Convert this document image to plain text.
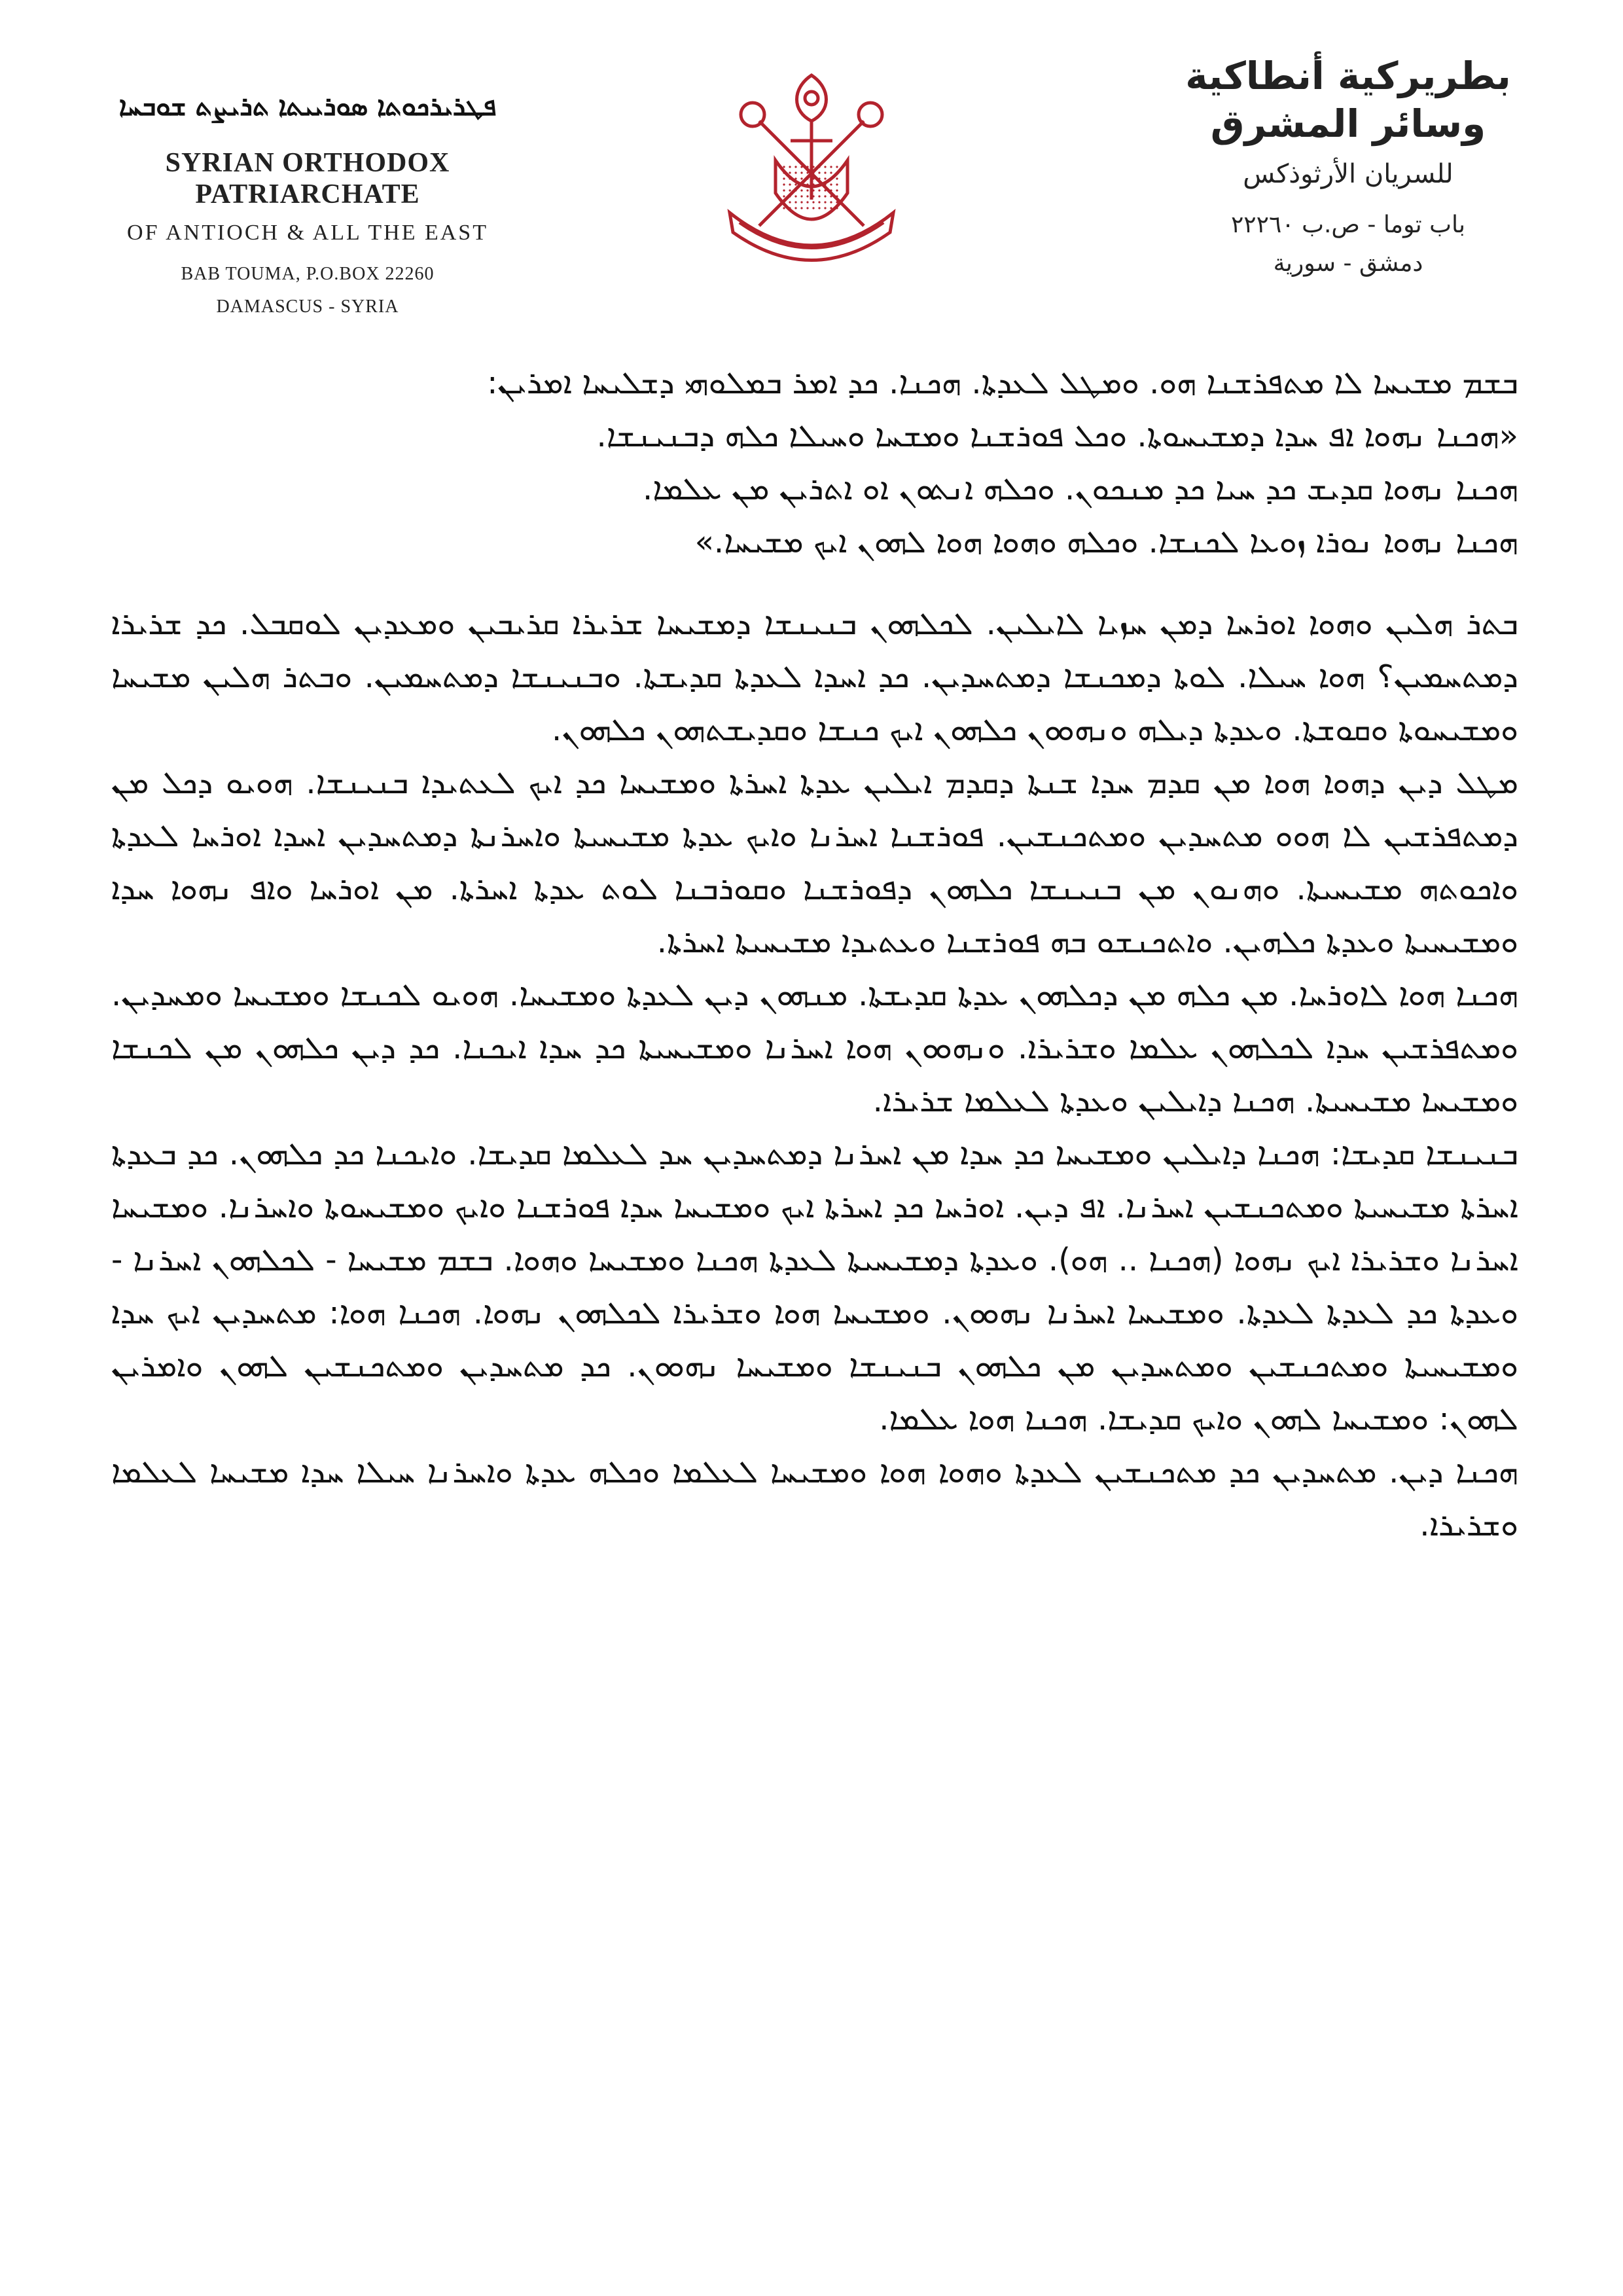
ܦܛܪܝܪܟܘܬܐ ܣܘܪܝܝܬܐ ܬܪܝܨܬ ܫܘܒܚܐ
SYRIAN ORTHODOX PATRIARCHATE
OF ANTIOCH & ALL THE EAST
BAB TOUMA, P.O.BOX 22260
DAMASCUS - SYRIA
بطريركية أنطاكية وسائر المشرق
للسريان الأرثوذكس
باب توما - ص.ب ٢٢٢٦٠
دمشق - سورية

ܒܫܡ ܡܫܝܚܐ ܠܐ ܡܬܦܪܫܢܐ ܗܘ. ܘܡܛܠ ܠܥܕܬܐ. ܗܟܢܐ. ܟܕ ܐܡܪ ܒܡܠܘܗܝ ܕܫܠܝܚܐ ܐܡܪܝܢ:

«ܗܟܢܐ ܢܗܘܐ ܐܦ ܚܕܐ ܕܡܫܝܚܘܬܐ. ܘܟܠ ܦܘܪܫܢܐ ܘܡܫܚܐ ܘܚܝܠܐ ܟܠܗ ܕܒܢܝܢܫܐ.

ܗܟܢܐ ܢܗܘܐ ܩܕܝܫ ܟܕ ܚܝܐ ܟܕ ܡܢܟܘܢ. ܘܟܠܗ ܐܢܬܘܢ ܐܘ ܐܬܪܝܢ ܡܢ ܥܠܡܐ.

ܗܟܢܐ ܢܗܘܐ ܢܘܪܐ ܙܘܥܐ ܠܟܢܫܐ. ܘܟܠܗ ܘܗܘܐ ܗܘܐ ܠܗܘܢ ܐܝܟ ܡܫܝܚܐ.»

ܒܬܪ ܗܠܝܢ ܘܗܘܐ ܐܘܪܚܐ ܕܡܢ ܚܙܝܐ ܠܐܝܠܝܢ. ܠܟܠܗܘܢ ܒܢܝܢܫܐ ܕܡܫܝܚܐ ܫܪܝܪܐ ܩܪܝܒܝܢ ܘܡܥܕܝܢ ܠܘܩܒܠ. ܟܕ ܫܪܝܪܐ ܕܡܬܚܡܝܢ؟ ܗܘܐ ܚܝܠܐ. ܠܘܬܐ ܕܡܟܢܫܐ ܕܡܬܚܕܝܢ. ܟܕ ܐܚܕܐ ܠܥܕܬܐ ܩܕܝܫܬܐ. ܘܒܢܝܢܫܐ ܕܡܬܚܡܝܢ. ܘܒܬܪ ܗܠܝܢ ܡܫܝܚܐ ܘܡܫܝܚܘܬܐ ܘܩܘܫܬܐ. ܘܥܕܬܐ ܕܝܠܗ ܘܢܗܘܘܢ ܟܠܗܘܢ ܐܝܟ ܟܢܫܐ ܘܩܕܝܫܬܗܘܢ ܟܠܗܘܢ.

ܡܛܠ ܕܝܢ ܕܗܘܐ ܗܘܐ ܡܢ ܩܕܡ ܚܕܐ ܫܢܬܐ ܕܩܕܡ ܐܝܠܝܢ ܥܕܬܐ ܐܚܪܬܐ ܘܡܫܝܚܐ ܟܕ ܐܝܟ ܠܥܬܝܕܐ ܒܢܝܢܫܐ. ܗܘܝܘ ܕܟܠ ܡܢ ܕܡܬܦܪܫܝܢ ܠܐ ܗܘܘ ܡܬܚܕܝܢ ܘܡܬܟܢܫܝܢ. ܦܘܪܫܢܐ ܐܚܪܢܐ ܘܐܝܟ ܥܕܬܐ ܡܫܝܚܝܬܐ ܘܐܚܪܢܬܐ ܕܡܬܚܕܝܢ ܐܚܕܐ ܐܘܪܚܐ ܠܥܕܬܐ ܘܐܟܘܬܗ ܡܫܝܚܝܬܐ. ܘܗܢܘܢ ܡܢ ܒܢܝܢܫܐ ܟܠܗܘܢ ܕܦܘܪܫܢܐ ܘܩܘܪܒܢܐ ܠܘܬ ܥܕܬܐ ܐܚܪܬܐ. ܡܢ ܐܘܪܚܐ ܘܐܦ ܢܗܘܐ ܚܕܐ ܘܡܫܝܚܝܬܐ ܘܥܕܬܐ ܟܠܗܝܢ. ܘܐܬܟܢܫܘ ܒܗ ܦܘܪܫܢܐ ܘܥܬܝܕܐ ܡܫܝܚܝܬܐ ܐܚܪܬܐ.

ܗܟܢܐ ܗܘܐ ܠܐܘܪܚܐ. ܡܢ ܟܠܗ ܡܢ ܕܟܠܗܘܢ ܥܕܬܐ ܩܕܝܫܬܐ. ܡܢܗܘܢ ܕܝܢ ܠܥܕܬܐ ܘܡܫܝܚܐ. ܗܘܝܘ ܠܟܢܫܐ ܘܡܫܝܚܐ ܘܡܚܕܝܢ. ܘܡܬܦܪܫܝܢ ܚܕܐ ܠܟܠܗܘܢ ܥܠܡܐ ܘܫܪܝܪܐ. ܘܢܗܘܘܢ ܗܘܐ ܐܚܪܢܐ ܘܡܫܝܚܝܬܐ ܟܕ ܚܕܐ ܐܝܟܢܐ. ܟܕ ܕܝܢ ܟܠܗܘܢ ܡܢ ܠܟܢܫܐ ܘܡܫܝܚܐ ܡܫܝܚܝܬܐ. ܗܟܢܐ ܕܐܝܠܝܢ ܘܥܕܬܐ ܠܥܠܡܐ ܫܪܝܪܐ.

ܒܢܝܢܫܐ ܩܕܝܫܐ: ܗܟܢܐ ܕܐܝܠܝܢ ܘܡܫܝܚܐ ܟܕ ܚܕܐ ܡܢ ܐܚܪܢܐ ܕܡܬܚܕܝܢ ܚܕ ܠܥܠܡܐ ܩܕܝܫܐ. ܘܐܝܟܢܐ ܟܕ ܟܠܗܘܢ. ܟܕ ܒܥܕܬܐ ܐܚܪܬܐ ܡܫܝܚܝܬܐ ܘܡܬܟܢܫܝܢ ܐܚܪܢܐ. ܐܦ ܕܝܢ. ܐܘܪܚܐ ܟܕ ܐܚܪܬܐ ܐܝܟ ܘܡܫܝܚܐ ܚܕܐ ܦܘܪܫܢܐ ܘܐܝܟ ܘܡܫܝܚܘܬܐ ܘܐܚܪܢܐ. ܘܡܫܝܚܐ ܐܚܪܢܐ ܘܫܪܝܪܐ ܐܝܟ ܢܗܘܐ (ܗܟܢܐ .. ܗܘ). ܘܥܕܬܐ ܕܡܫܝܚܝܬܐ ܠܥܕܬܐ ܗܟܢܐ ܘܡܫܝܚܐ ܘܗܘܐ. ܒܫܡ ܡܫܝܚܐ - ܠܟܠܗܘܢ ܐܚܪܢܐ - ܘܥܕܬܐ ܟܕ ܠܥܕܬܐ ܠܥܕܬܐ. ܘܡܫܝܚܐ ܐܚܪܢܐ ܢܗܘܘܢ. ܘܡܫܝܚܐ ܗܘܐ ܘܫܪܝܪܐ ܠܟܠܗܘܢ ܢܗܘܐ. ܗܟܢܐ ܗܘܐ: ܡܬܚܕܝܢ ܐܝܟ ܚܕܐ ܘܡܫܝܚܝܬܐ ܘܡܬܟܢܫܝܢ ܘܡܬܚܕܝܢ ܡܢ ܟܠܗܘܢ ܒܢܝܢܫܐ ܘܡܫܝܚܐ ܢܗܘܘܢ. ܟܕ ܡܬܚܕܝܢ ܘܡܬܟܢܫܝܢ ܠܗܘܢ ܘܐܡܪܝܢ ܠܗܘܢ: ܘܡܫܝܚܐ ܠܗܘܢ ܘܐܝܟ ܩܕܝܫܐ. ܗܟܢܐ ܗܘܐ ܥܠܡܐ.

ܗܟܢܐ ܕܝܢ. ܡܬܚܕܝܢ ܟܕ ܡܬܟܢܫܝܢ ܠܥܕܬܐ ܘܗܘܐ ܗܘܐ ܘܡܫܝܚܐ ܠܥܠܡܐ ܘܟܠܗ ܥܕܬܐ ܘܐܚܪܢܐ ܚܝܠܐ ܚܕܐ ܡܫܝܚܐ ܠܥܠܡܐ ܘܫܪܝܪܐ.
